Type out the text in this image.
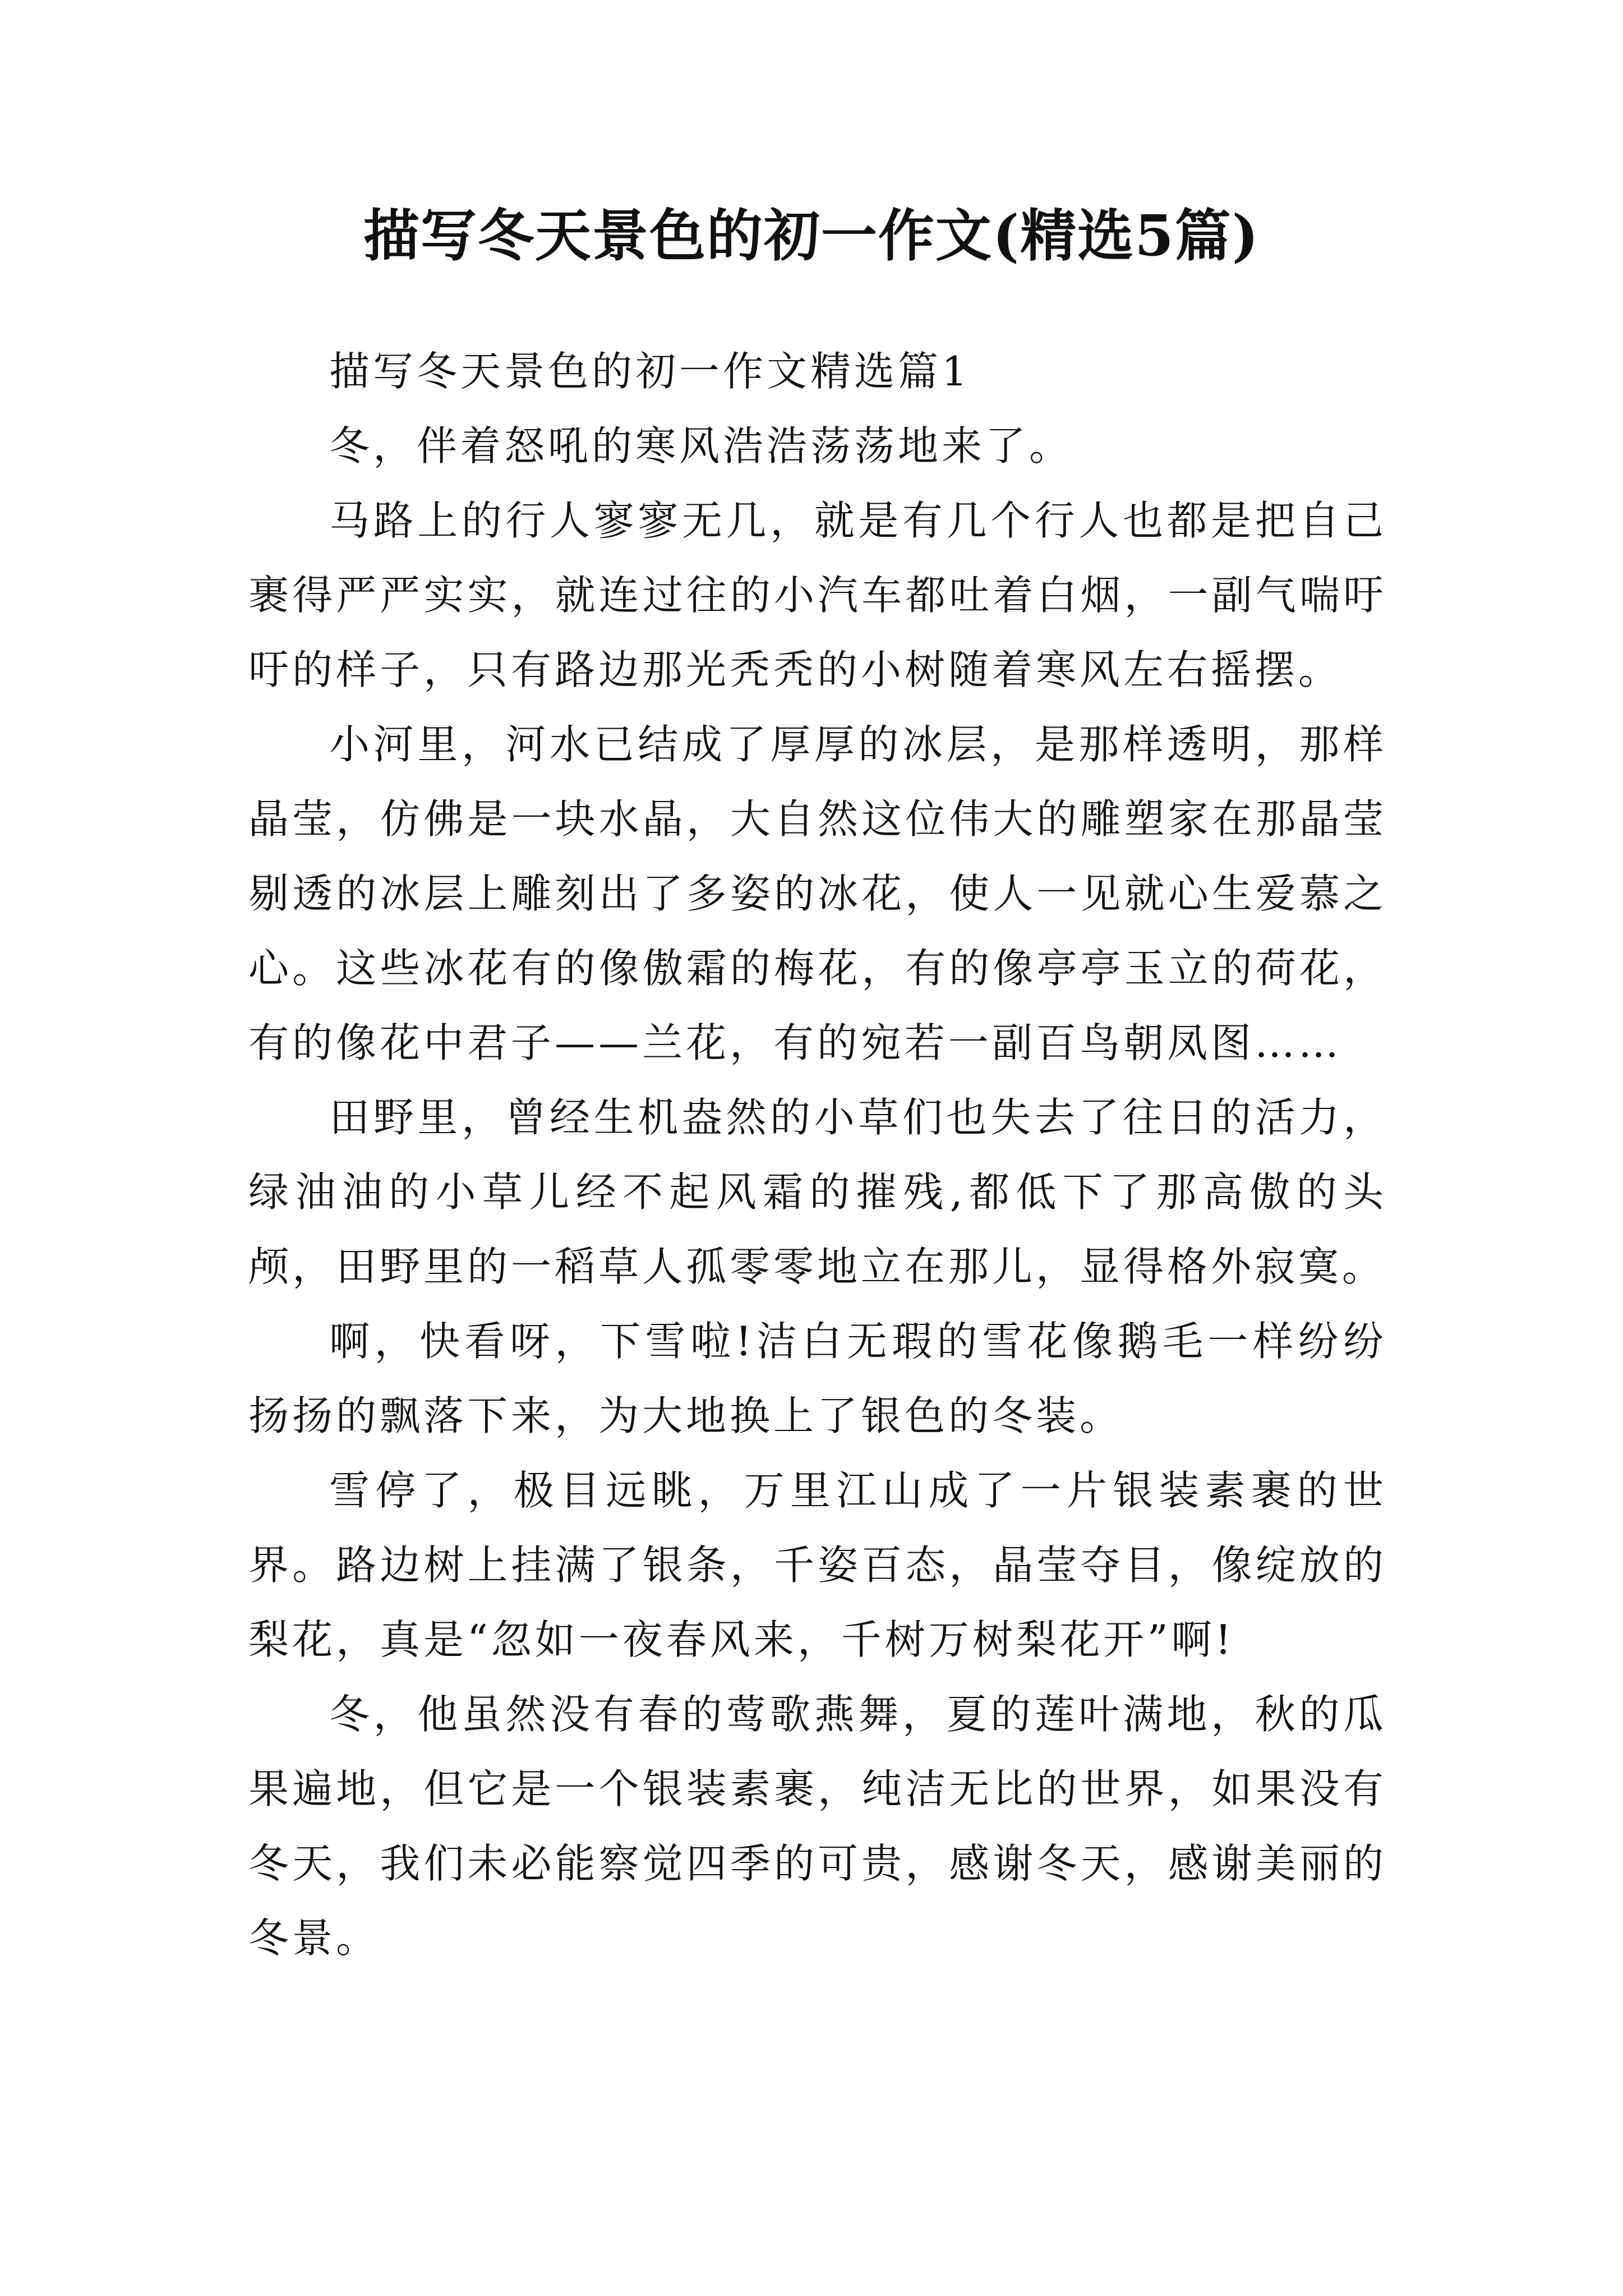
描写冬天景色的初一作文(精选5篇)

描写冬天景色的初一作文精选篇1

冬，伴着怒吼的寒风浩浩荡荡地来了。

马路上的行人寥寥无几，就是有几个行人也都是把自己裹得严严实实，就连过往的小汽车都吐着白烟，一副气喘吁吁的样子，只有路边那光秃秃的小树随着寒风左右摇摆。

小河里，河水已结成了厚厚的冰层，是那样透明，那样晶莹，仿佛是一块水晶，大自然这位伟大的雕塑家在那晶莹剔透的冰层上雕刻出了多姿的冰花，使人一见就心生爱慕之心。这些冰花有的像傲霜的梅花，有的像亭亭玉立的荷花，有的像花中君子——兰花，有的宛若一副百鸟朝凤图……

田野里，曾经生机盎然的小草们也失去了往日的活力，绿油油的小草儿经不起风霜的摧残,都低下了那高傲的头颅，田野里的一稻草人孤零零地立在那儿，显得格外寂寞。

啊，快看呀，下雪啦!洁白无瑕的雪花像鹅毛一样纷纷扬扬的飘落下来，为大地换上了银色的冬装。

雪停了，极目远眺，万里江山成了一片银装素裹的世界。路边树上挂满了银条，千姿百态，晶莹夺目，像绽放的梨花，真是“忽如一夜春风来，千树万树梨花开”啊!

冬，他虽然没有春的莺歌燕舞，夏的莲叶满地，秋的瓜果遍地，但它是一个银装素裹，纯洁无比的世界，如果没有冬天，我们未必能察觉四季的可贵，感谢冬天，感谢美丽的冬景。
